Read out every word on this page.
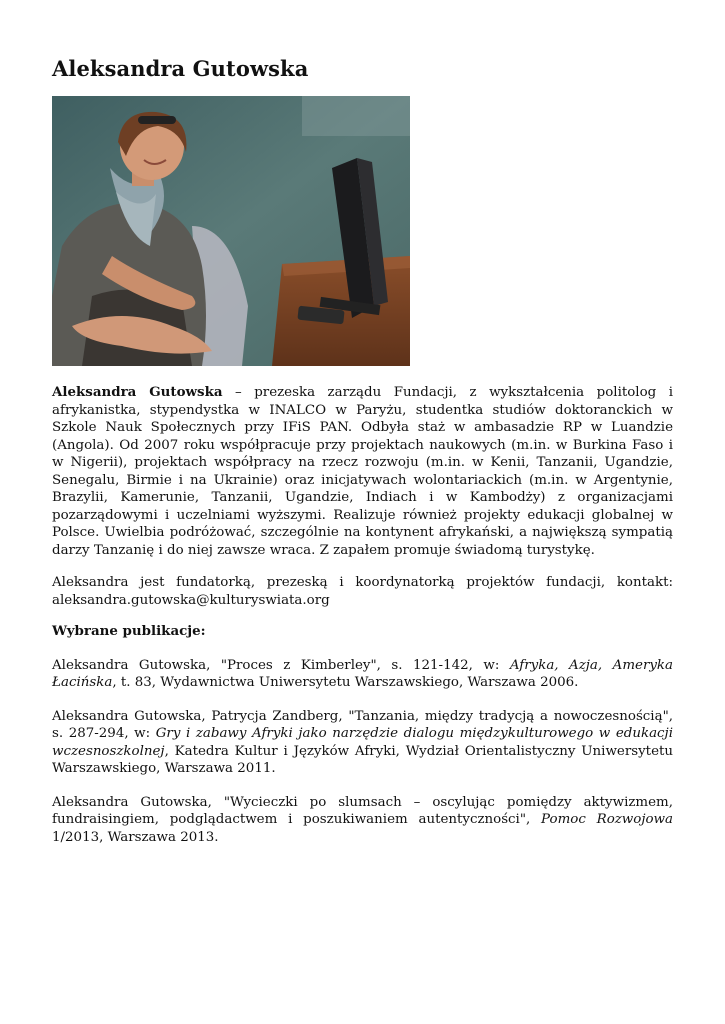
Aleksandra Gutowska

Aleksandra Gutowska – prezeska zarządu Fundacji, z wykształcenia politolog i afrykanistka, stypendystka w INALCO w Paryżu, studentka studiów doktoranckich w Szkole Nauk Społecznych przy IFiS PAN. Odbyła staż w ambasadzie RP w Luandzie (Angola). Od 2007 roku współpracuje przy projektach naukowych (m.in. w Burkina Faso i w Nigerii), projektach współpracy na rzecz rozwoju (m.in. w Kenii, Tanzanii, Ugandzie, Senegalu, Birmie i na Ukrainie) oraz inicjatywach wolontariackich (m.in. w Argentynie, Brazylii, Kamerunie, Tanzanii, Ugandzie, Indiach i w Kambodży) z organizacjami pozarządowymi i uczelniami wyższymi. Realizuje również projekty edukacji globalnej w Polsce. Uwielbia podróżować, szczególnie na kontynent afrykański, a największą sympatią darzy Tanzanię i do niej zawsze wraca. Z zapałem promuje świadomą turystykę.

Aleksandra jest fundatorką, prezeską i koordynatorką projektów fundacji, kontakt: aleksandra.gutowska@kulturyswiata.org

Wybrane publikacje:

Aleksandra Gutowska, "Proces z Kimberley", s. 121-142, w: Afryka, Azja, Ameryka Łacińska, t. 83, Wydawnictwa Uniwersytetu Warszawskiego, Warszawa 2006.

Aleksandra Gutowska, Patrycja Zandberg, "Tanzania, między tradycją a nowoczesnością", s. 287-294, w: Gry i zabawy Afryki jako narzędzie dialogu międzykulturowego w edukacji wczesnoszkolnej, Katedra Kultur i Języków Afryki, Wydział Orientalistyczny Uniwersytetu Warszawskiego, Warszawa 2011.

Aleksandra Gutowska, "Wycieczki po slumsach – oscylując pomiędzy aktywizmem, fundraisingiem, podglądactwem i poszukiwaniem autentyczności", Pomoc Rozwojowa 1/2013, Warszawa 2013.
